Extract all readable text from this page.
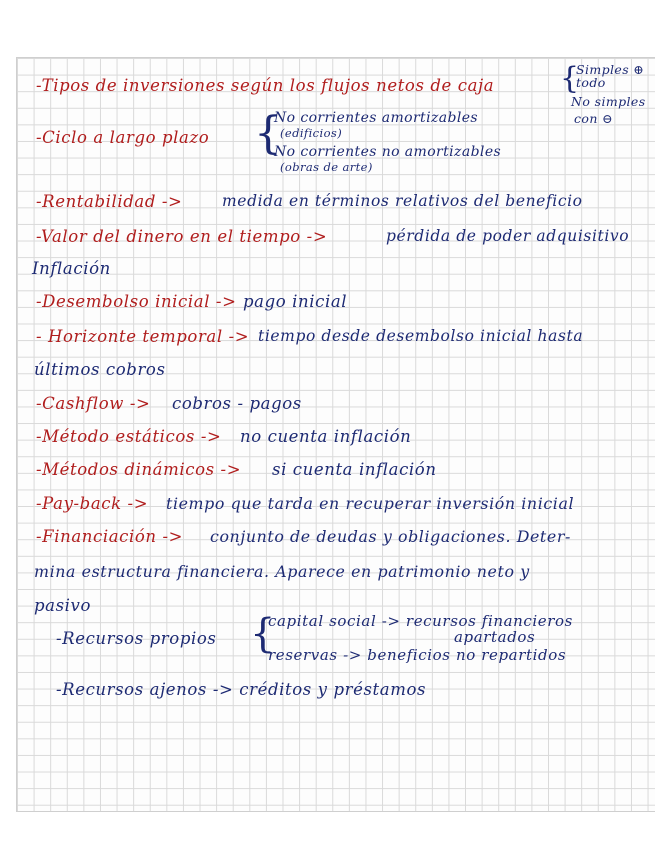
-Tipos de inversiones según los flujos netos de caja {
Simples ⊕ todo
No simples
con ⊖
-Ciclo a largo plazo {
No corrientes amortizables
(edificios)
No corrientes no amortizables
(obras de arte)
-Rentabilidad ->	medida en términos relativos del beneficio
-Valor del dinero en el tiempo ->	pérdida de poder adquisitivo
Inflación
-Desembolso inicial -> pago inicial
- Horizonte temporal -> tiempo desde desembolso inicial hasta
últimos cobros
-Cashflow -> cobros - pagos
-Método estáticos -> no cuenta inflación
-Métodos dinámicos -> si cuenta inflación
-Pay-back -> tiempo que tarda en recuperar inversión inicial
-Financiación -> conjunto de deudas y obligaciones. Deter-
mina estructura financiera. Aparece en patrimonio neto y
pasivo
-Recursos propios {
capital social -> recursos financieros
apartados
reservas -> beneficios no repartidos
-Recursos ajenos -> créditos y préstamos
